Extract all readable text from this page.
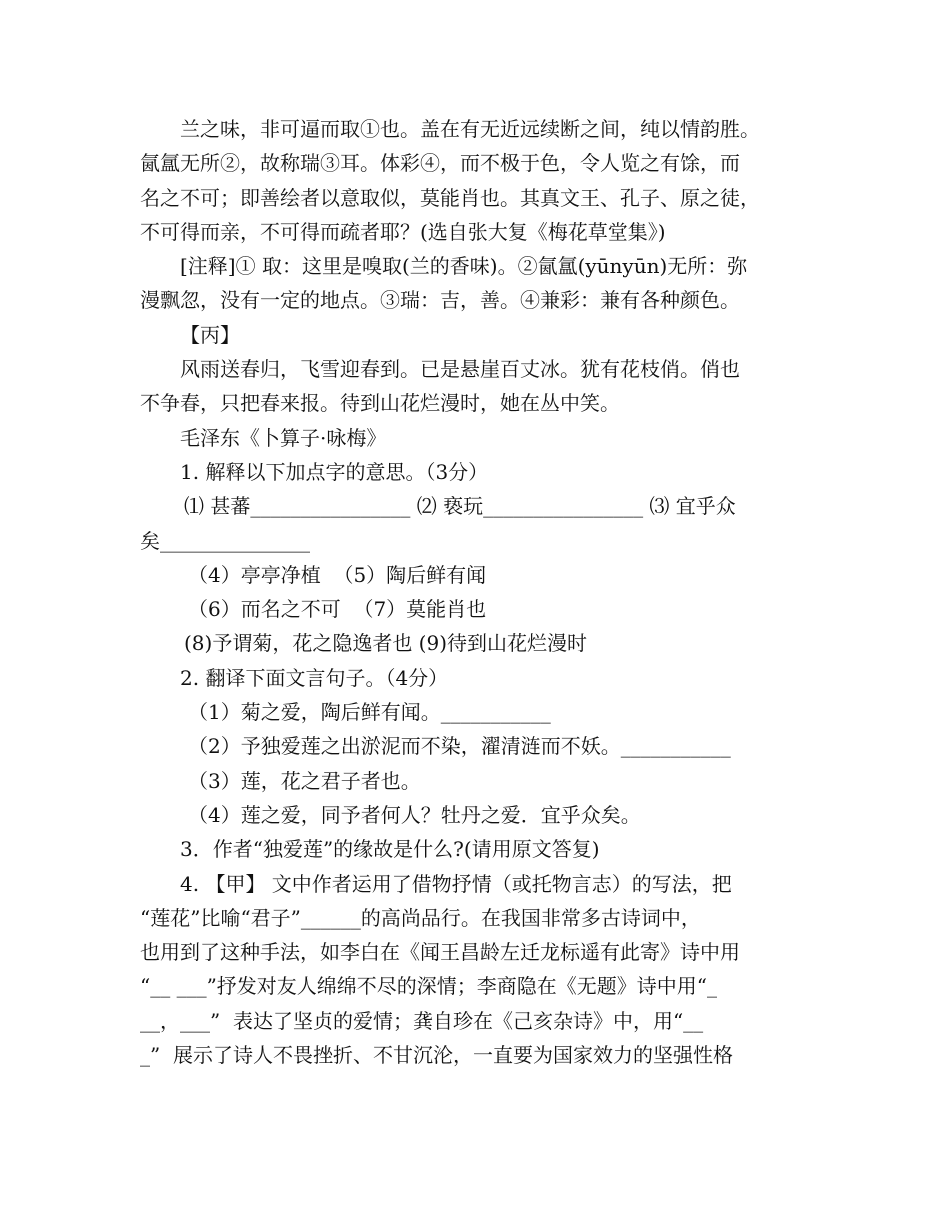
兰之味，非可逼而取①也。盖在有无近远续断之间，纯以情韵胜。
氤氲无所②，故称瑞③耳。体彩④，而不极于色，令人览之有馀，而
名之不可；即善绘者以意取似，莫能肖也。其真文王、孔子、原之徒，
不可得而亲，不可得而疏者耶？(选自张大复《梅花草堂集》)
[注释]① 取：这里是嗅取(兰的香味)。②氤氲(yūnyūn)无所：弥
漫飘忽，没有一定的地点。③瑞：吉，善。④兼彩：兼有各种颜色。
【丙】
风雨送春归，飞雪迎春到。已是悬崖百丈冰。犹有花枝俏。俏也
不争春，只把春来报。待到山花烂漫时，她在丛中笑。
毛泽东《卜算子·咏梅》
1. 解释以下加点字的意思。（3分）
⑴ 甚蕃________________ ⑵ 亵玩________________ ⑶ 宜乎众
矣_______________
（4）亭亭净植  （5）陶后鲜有闻
（6）而名之不可  （7）莫能肖也
(8)予谓菊，花之隐逸者也 (9)待到山花烂漫时
2. 翻译下面文言句子。（4分）
（1）菊之爱，陶后鲜有闻。___________
（2）予独爱莲之出淤泥而不染，濯清涟而不妖。___________
（3）莲，花之君子者也。
（4）莲之爱，同予者何人？牡丹之爱．宜乎众矣。
3．作者“独爱莲”的缘故是什么?(请用原文答复)
4. 【甲】 文中作者运用了借物抒情（或托物言志）的写法，把
“莲花”比喻“君子”______的高尚品行。在我国非常多古诗词中，
也用到了这种手法，如李白在《闻王昌龄左迁龙标遥有此寄》诗中用
“__ ___”抒发对友人绵绵不尽的深情；李商隐在《无题》诗中用“_
__，___”  表达了坚贞的爱情；龚自珍在《己亥杂诗》中，用“__
_”  展示了诗人不畏挫折、不甘沉沦，一直要为国家效力的坚强性格
